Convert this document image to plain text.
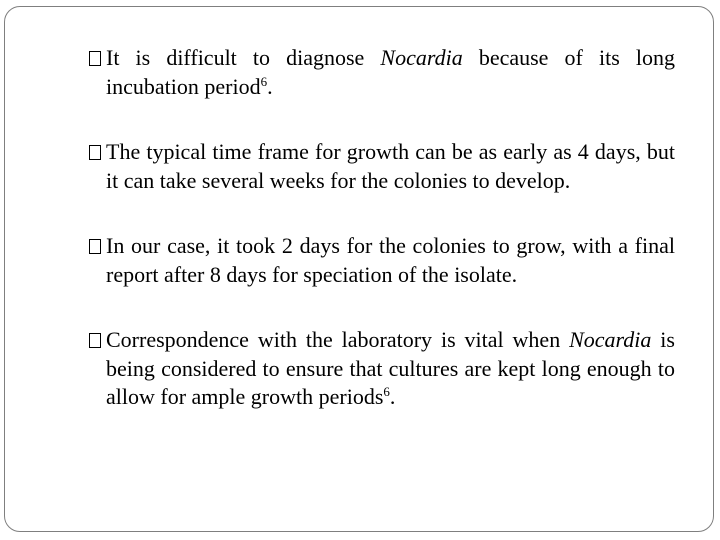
It is difficult to diagnose Nocardia because of its long incubation period$^6$.
The typical time frame for growth can be as early as 4 days, but it can take several weeks for the colonies to develop.
In our case, it took 2 days for the colonies to grow, with a final report after 8 days for speciation of the isolate.
Correspondence with the laboratory is vital when Nocardia is being considered to ensure that cultures are kept long enough to allow for ample growth periods$^6$.
